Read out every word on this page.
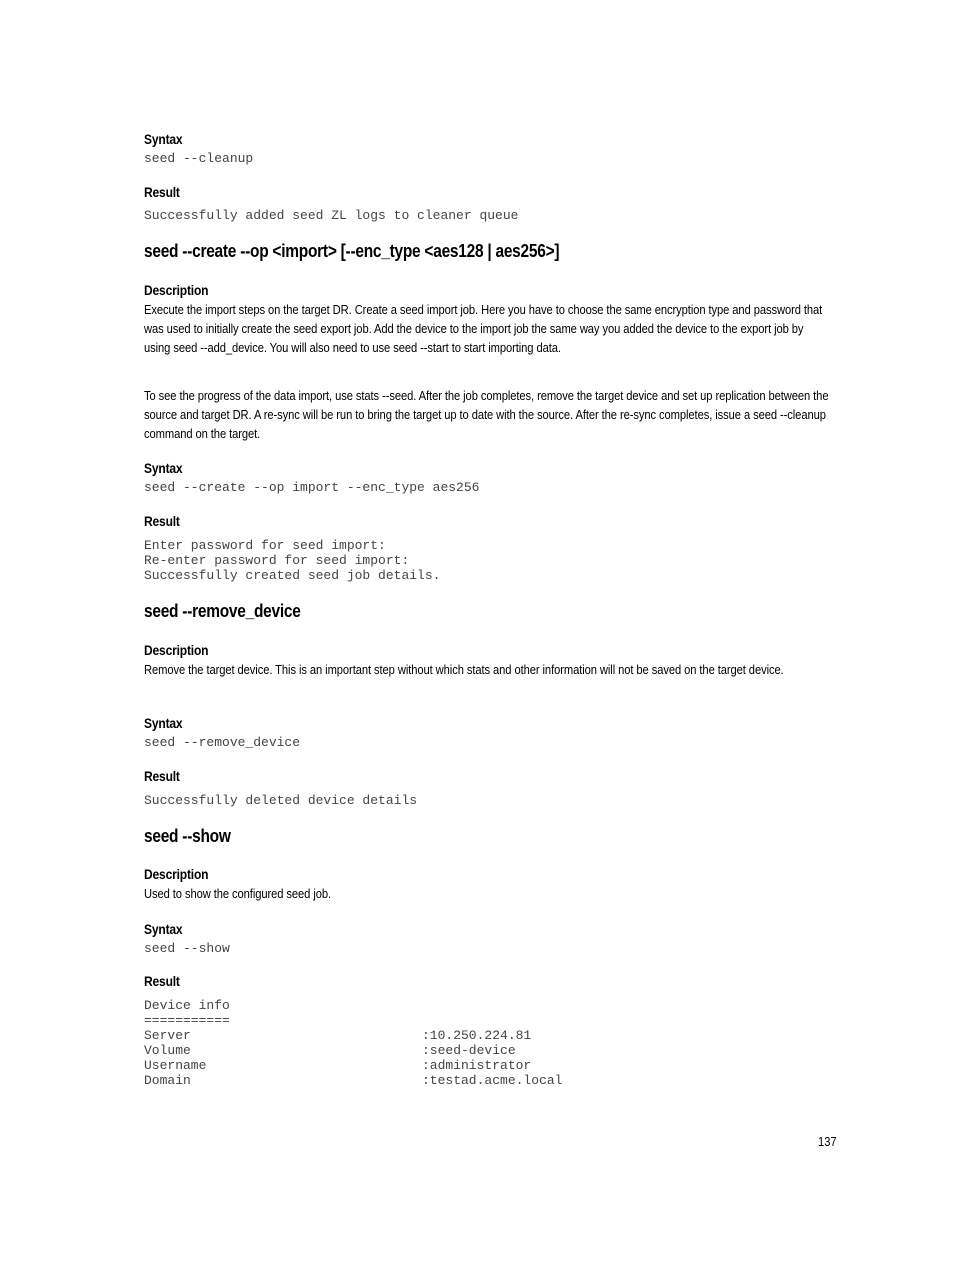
Syntax
seed --cleanup
Result
Successfully added seed ZL logs to cleaner queue
seed --create --op <import> [--enc_type <aes128 | aes256>]
Description

Execute the import steps on the target DR. Create a seed import job. Here you have to choose the same encryption type and password that was used to initially create the seed export job. Add the device to the import job the same way you added the device to the export job by using seed --add_device. You will also need to use seed --start to start importing data.

To see the progress of the data import, use stats --seed. After the job completes, remove the target device and set up replication between the source and target DR. A re-sync will be run to bring the target up to date with the source. After the re-sync completes, issue a seed --cleanup command on the target.

Syntax
seed --create --op import --enc_type aes256
Result
Enter password for seed import:
Re-enter password for seed import:
Successfully created seed job details.
seed --remove_device
Description

Remove the target device. This is an important step without which stats and other information will not be saved on the target device.

Syntax
seed --remove_device
Result
Successfully deleted device details
seed --show
Description

Used to show the configured seed job.

Syntax
seed --show
Result
Device info
===========
Server	:10.250.224.81
Volume	:seed-device
Username	:administrator
Domain	:testad.acme.local
137
